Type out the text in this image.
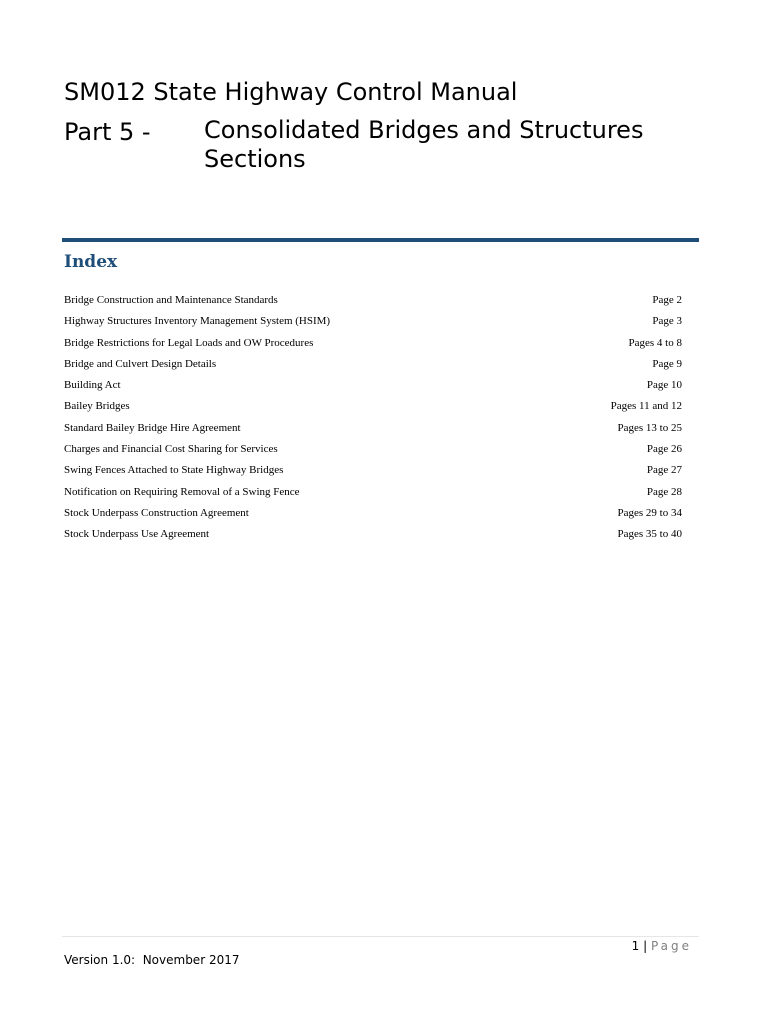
SM012 State Highway Control Manual
Part 5 - Consolidated Bridges and Structures Sections
Index
Bridge Construction and Maintenance Standards	Page 2
Highway Structures Inventory Management System (HSIM)	Page 3
Bridge Restrictions for Legal Loads and OW Procedures	Pages 4 to 8
Bridge and Culvert Design Details	Page 9
Building Act	Page 10
Bailey Bridges	Pages 11 and 12
Standard Bailey Bridge Hire Agreement	Pages 13 to 25
Charges and Financial Cost Sharing for Services	Page 26
Swing Fences Attached to State Highway Bridges	Page 27
Notification on Requiring Removal of a Swing Fence	Page 28
Stock Underpass Construction Agreement	Pages 29 to 34
Stock Underpass Use Agreement	Pages 35 to 40
1 | Page
Version 1.0:  November 2017
